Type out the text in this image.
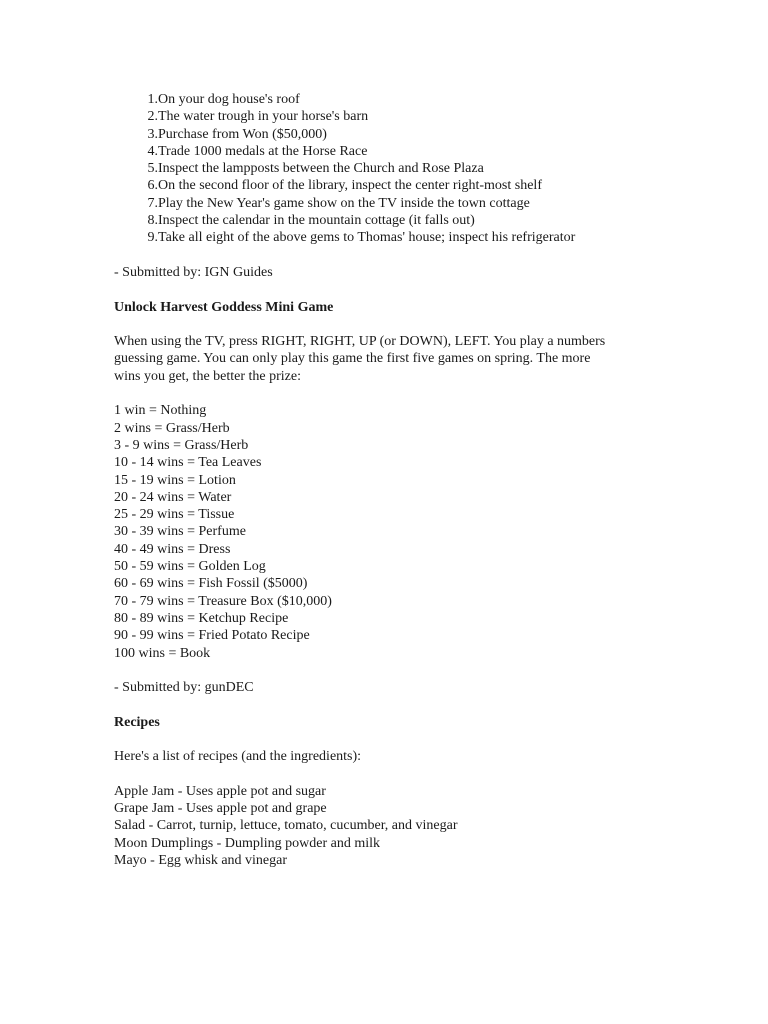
1. On your dog house's roof
2. The water trough in your horse's barn
3. Purchase from Won ($50,000)
4. Trade 1000 medals at the Horse Race
5. Inspect the lampposts between the Church and Rose Plaza
6. On the second floor of the library, inspect the center right-most shelf
7. Play the New Year's game show on the TV inside the town cottage
8. Inspect the calendar in the mountain cottage (it falls out)
9. Take all eight of the above gems to Thomas' house; inspect his refrigerator

- Submitted by: IGN Guides

Unlock Harvest Goddess Mini Game

When using the TV, press RIGHT, RIGHT, UP (or DOWN), LEFT. You play a numbers
guessing game. You can only play this game the first five games on spring. The more
wins you get, the better the prize:
1 win = Nothing
2 wins = Grass/Herb
3 - 9 wins = Grass/Herb
10 - 14 wins = Tea Leaves
15 - 19 wins = Lotion
20 - 24 wins = Water
25 - 29 wins = Tissue
30 - 39 wins = Perfume
40 - 49 wins = Dress
50 - 59 wins = Golden Log
60 - 69 wins = Fish Fossil ($5000)
70 - 79 wins = Treasure Box ($10,000)
80 - 89 wins = Ketchup Recipe
90 - 99 wins = Fried Potato Recipe
100 wins = Book

- Submitted by: gunDEC

Recipes

Here's a list of recipes (and the ingredients):

Apple Jam - Uses apple pot and sugar
Grape Jam - Uses apple pot and grape
Salad - Carrot, turnip, lettuce, tomato, cucumber, and vinegar
Moon Dumplings - Dumpling powder and milk
Mayo - Egg whisk and vinegar
